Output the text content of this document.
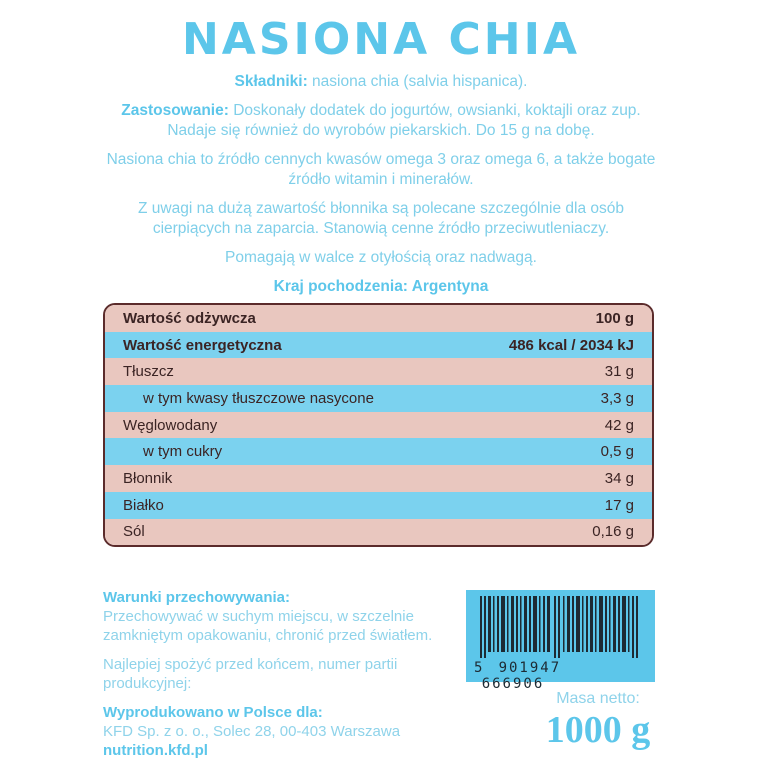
NASIONA CHIA

Składniki: nasiona chia (salvia hispanica).

Zastosowanie: Doskonały dodatek do jogurtów, owsianki, koktajli oraz zup. Nadaje się również do wyrobów piekarskich. Do 15 g na dobę.

Nasiona chia to źródło cennych kwasów omega 3 oraz omega 6, a także bogate źródło witamin i minerałów.

Z uwagi na dużą zawartość błonnika są polecane szczególnie dla osób cierpiących na zaparcia. Stanowią cenne źródło przeciwutleniaczy.

Pomagają w walce z otyłością oraz nadwagą.

Kraj pochodzenia: Argentyna

Wartość odżywcza	100 g
Wartość energetyczna	486 kcal / 2034 kJ
Tłuszcz	31 g
w tym kwasy tłuszczowe nasycone	3,3 g
Węglowodany	42 g
w tym cukry	0,5 g
Błonnik	34 g
Białko	17 g
Sól	0,16 g

Warunki przechowywania:
Przechowywać w suchym miejscu, w szczelnie zamkniętym opakowaniu, chronić przed światłem.

Najlepiej spożyć przed końcem, numer partii produkcyjnej:

Wyprodukowano w Polsce dla:
KFD Sp. z o. o., Solec 28, 00-403 Warszawa
nutrition.kfd.pl

5 901947 666906
Masa netto:
1000 g
